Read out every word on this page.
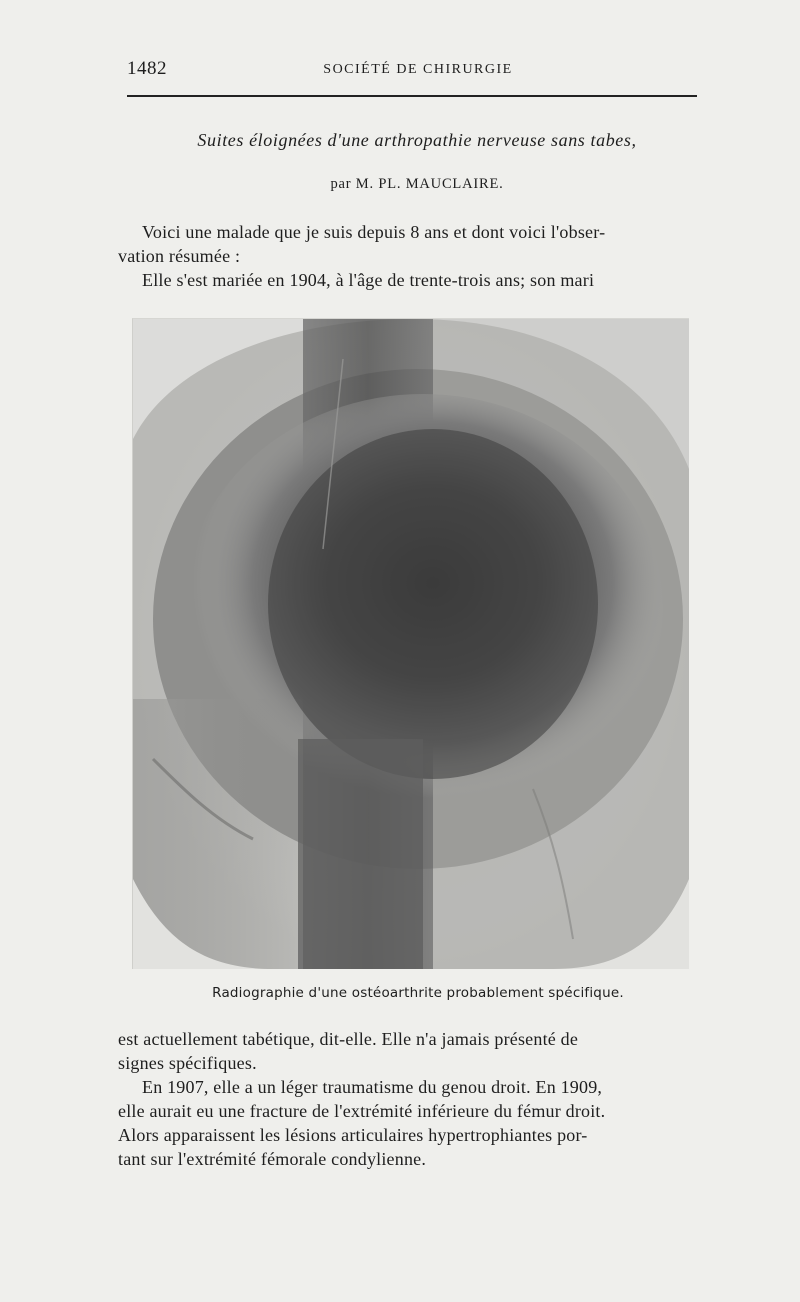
1482	SOCIÉTÉ DE CHIRURGIE
Suites éloignées d'une arthropathie nerveuse sans tabes,
par M. PL. MAUCLAIRE.

Voici une malade que je suis depuis 8 ans et dont voici l'obser-
vation résumée :

Elle s'est mariée en 1904, à l'âge de trente-trois ans; son mari

Radiographie d'une ostéoarthrite probablement spécifique.

est actuellement tabétique, dit-elle. Elle n'a jamais présenté de
signes spécifiques.

En 1907, elle a un léger traumatisme du genou droit. En 1909,
elle aurait eu une fracture de l'extrémité inférieure du fémur droit.
Alors apparaissent les lésions articulaires hypertrophiantes por-
tant sur l'extrémité fémorale condylienne.
